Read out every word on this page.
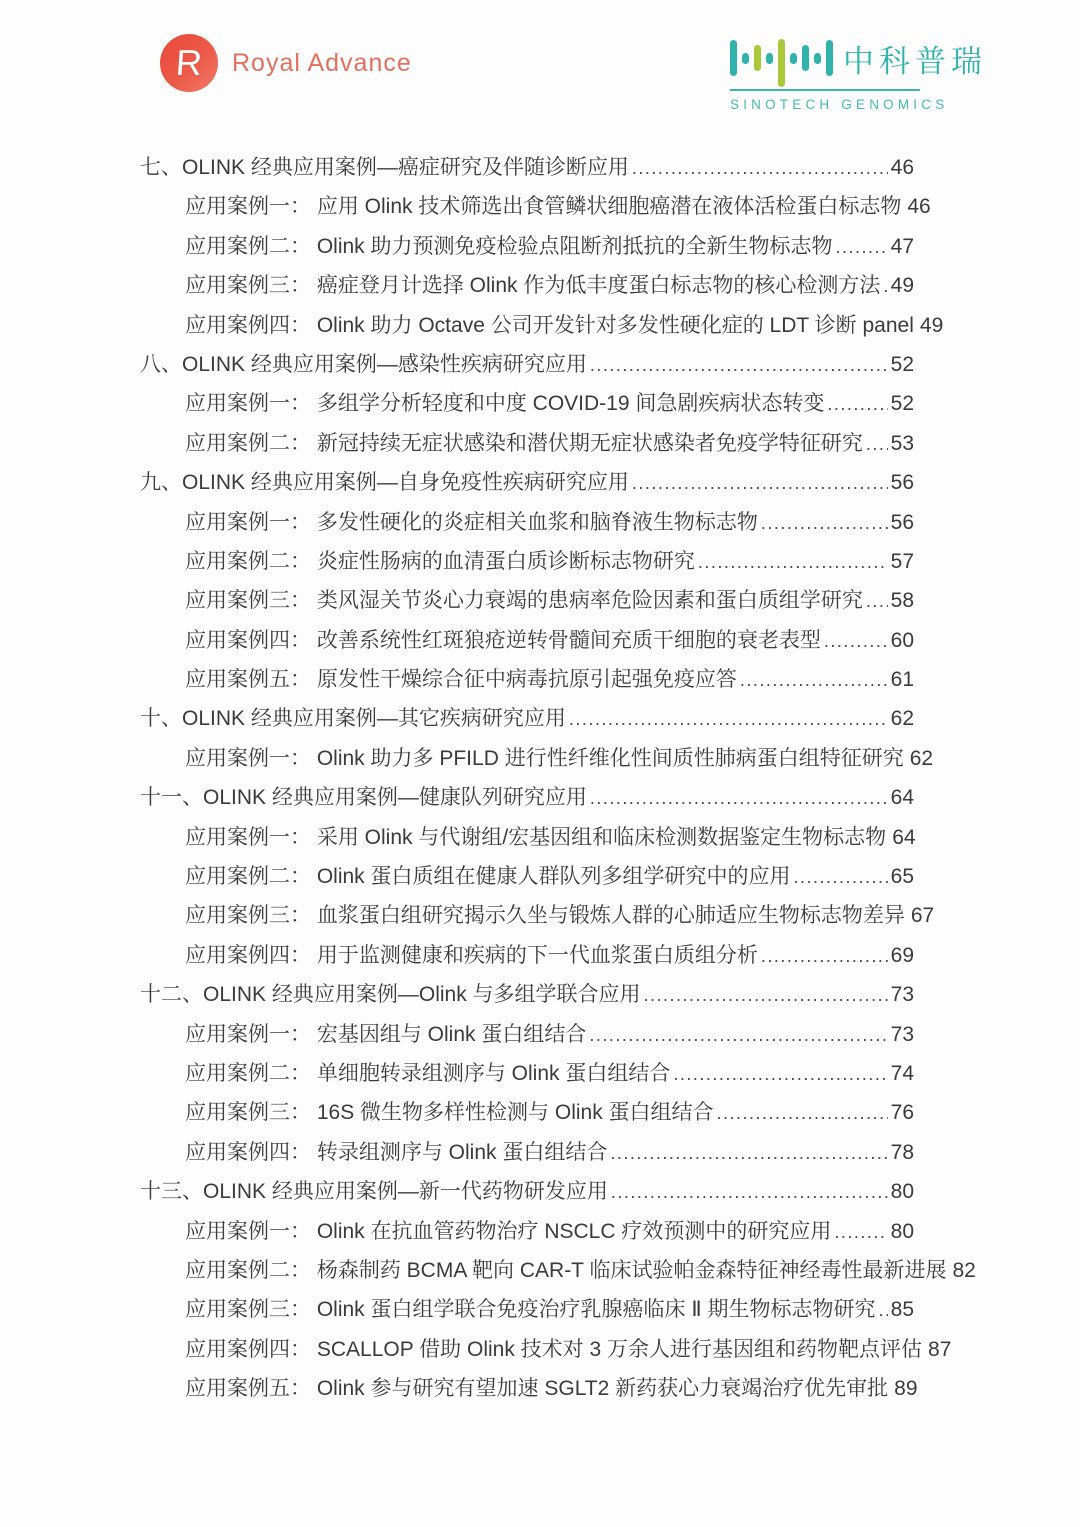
R Royal Advance	中科普瑞
SINOTECH GENOMICS
七、OLINK 经典应用案例—癌症研究及伴随诊断应用 .....	46
应用案例一： 应用 Olink 技术筛选出食管鳞状细胞癌潜在液体活检蛋白标志物 46
应用案例二： Olink 助力预测免疫检验点阻断剂抵抗的全新生物标志物 .....	47
应用案例三： 癌症登月计选择 Olink 作为低丰度蛋白标志物的核心检测方法 ..... 49
应用案例四： Olink 助力 Octave 公司开发针对多发性硬化症的 LDT 诊断 panel 49
八、OLINK 经典应用案例—感染性疾病研究应用 .....	52
应用案例一： 多组学分析轻度和中度 COVID-19 间急剧疾病状态转变 .....	52
应用案例二： 新冠持续无症状感染和潜伏期无症状感染者免疫学特征研究 ..... 53
九、OLINK 经典应用案例—自身免疫性疾病研究应用 .....	56
应用案例一： 多发性硬化的炎症相关血浆和脑脊液生物标志物 .....	56
应用案例二： 炎症性肠病的血清蛋白质诊断标志物研究 .....	57
应用案例三： 类风湿关节炎心力衰竭的患病率危险因素和蛋白质组学研究 ..... 58
应用案例四： 改善系统性红斑狼疮逆转骨髓间充质干细胞的衰老表型 .....	60
应用案例五： 原发性干燥综合征中病毒抗原引起强免疫应答 .....	61
十、OLINK 经典应用案例—其它疾病研究应用 .....	62
应用案例一： Olink 助力多 PFILD 进行性纤维化性间质性肺病蛋白组特征研究 62
十一、OLINK 经典应用案例—健康队列研究应用 .....	64
应用案例一： 采用 Olink 与代谢组/宏基因组和临床检测数据鉴定生物标志物 64
应用案例二： Olink 蛋白质组在健康人群队列多组学研究中的应用 .....	65
应用案例三： 血浆蛋白组研究揭示久坐与锻炼人群的心肺适应生物标志物差异 67
应用案例四： 用于监测健康和疾病的下一代血浆蛋白质组分析 .....	69
十二、OLINK 经典应用案例—Olink 与多组学联合应用 .....	73
应用案例一： 宏基因组与 Olink 蛋白组结合 .....	73
应用案例二： 单细胞转录组测序与 Olink 蛋白组结合 .....	74
应用案例三： 16S 微生物多样性检测与 Olink 蛋白组结合 .....	76
应用案例四： 转录组测序与 Olink 蛋白组结合 .....	78
十三、OLINK 经典应用案例—新一代药物研发应用 .....	80
应用案例一： Olink 在抗血管药物治疗 NSCLC 疗效预测中的研究应用 .....	80
应用案例二： 杨森制药 BCMA 靶向 CAR-T 临床试验帕金森特征神经毒性最新进展 82
应用案例三： Olink 蛋白组学联合免疫治疗乳腺癌临床 Ⅱ 期生物标志物研究 ..... 85
应用案例四： SCALLOP 借助 Olink 技术对 3 万余人进行基因组和药物靶点评估 87
应用案例五： Olink 参与研究有望加速 SGLT2 新药获心力衰竭治疗优先审批 89
